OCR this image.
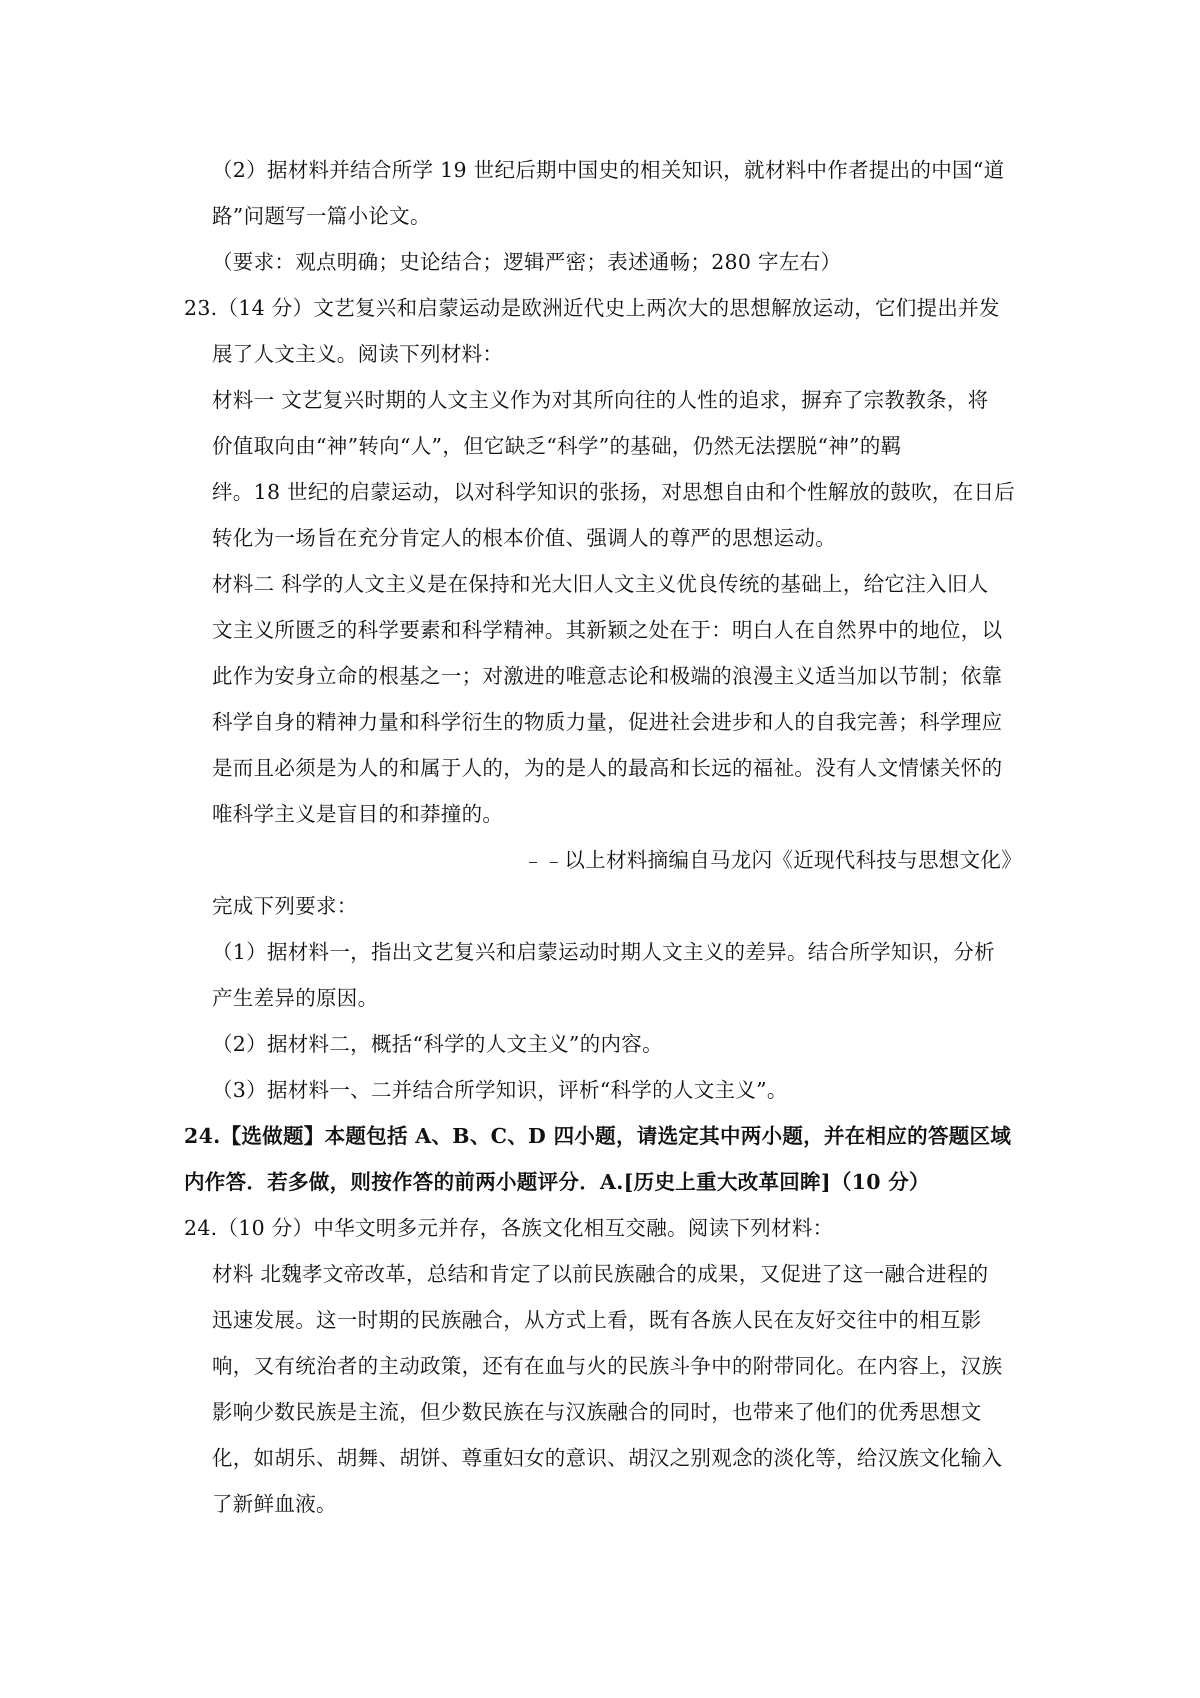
（2）据材料并结合所学 19 世纪后期中国史的相关知识，就材料中作者提出的中国“道
路”问题写一篇小论文。
（要求：观点明确；史论结合；逻辑严密；表述通畅；280 字左右）
23.（14 分）文艺复兴和启蒙运动是欧洲近代史上两次大的思想解放运动，它们提出并发
展了人文主义。阅读下列材料：
材料一 文艺复兴时期的人文主义作为对其所向往的人性的追求，摒弃了宗教教条，将
价值取向由“神”转向“人”，但它缺乏“科学”的基础，仍然无法摆脱“神”的羁
绊。18 世纪的启蒙运动，以对科学知识的张扬，对思想自由和个性解放的鼓吹，在日后
转化为一场旨在充分肯定人的根本价值、强调人的尊严的思想运动。
材料二 科学的人文主义是在保持和光大旧人文主义优良传统的基础上，给它注入旧人
文主义所匮乏的科学要素和科学精神。其新颖之处在于：明白人在自然界中的地位，以
此作为安身立命的根基之一；对激进的唯意志论和极端的浪漫主义适当加以节制；依靠
科学自身的精神力量和科学衍生的物质力量，促进社会进步和人的自我完善；科学理应
是而且必须是为人的和属于人的，为的是人的最高和长远的福祉。没有人文情愫关怀的
唯科学主义是盲目的和莽撞的。
﹣﹣以上材料摘编自马龙闪《近现代科技与思想文化》
完成下列要求：
（1）据材料一，指出文艺复兴和启蒙运动时期人文主义的差异。结合所学知识，分析
产生差异的原因。
（2）据材料二，概括“科学的人文主义”的内容。
（3）据材料一、二并结合所学知识，评析“科学的人文主义”。
24.【选做题】本题包括 A、B、C、D 四小题，请选定其中两小题，并在相应的答题区域
内作答．若多做，则按作答的前两小题评分．A.[历史上重大改革回眸]（10 分）
24.（10 分）中华文明多元并存，各族文化相互交融。阅读下列材料：
材料 北魏孝文帝改革，总结和肯定了以前民族融合的成果，又促进了这一融合进程的
迅速发展。这一时期的民族融合，从方式上看，既有各族人民在友好交往中的相互影
响，又有统治者的主动政策，还有在血与火的民族斗争中的附带同化。在内容上，汉族
影响少数民族是主流，但少数民族在与汉族融合的同时，也带来了他们的优秀思想文
化，如胡乐、胡舞、胡饼、尊重妇女的意识、胡汉之别观念的淡化等，给汉族文化输入
了新鲜血液。
